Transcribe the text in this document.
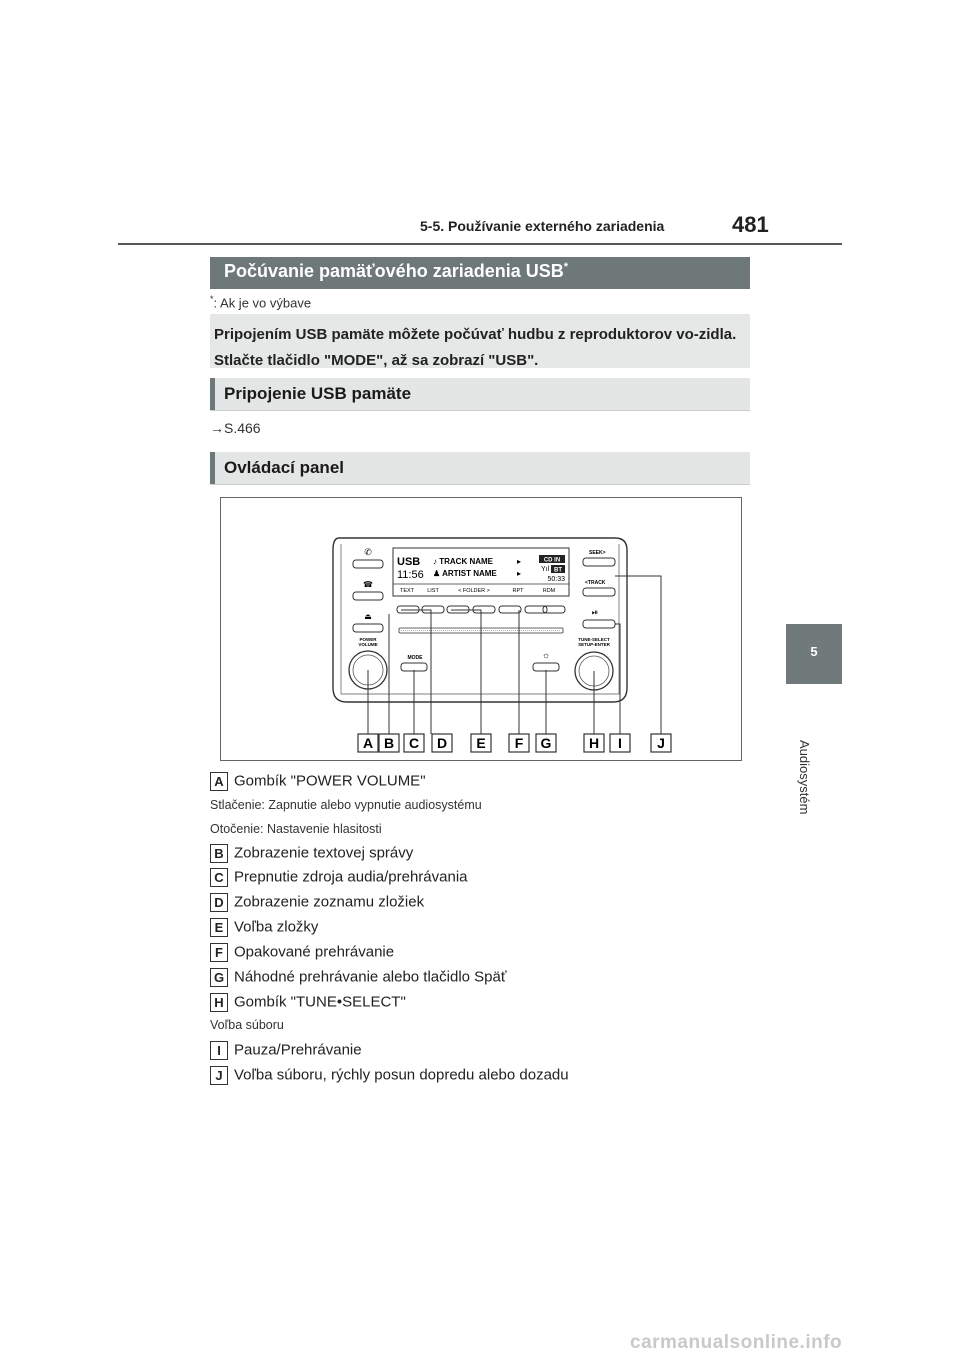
5-5. Používanie externého zariadenia	481
5
Audiosystém
Počúvanie pamäťového zariadenia USB*
*: Ak je vo výbave
Pripojením USB pamäte môžete počúvať hudbu z reproduktorov vo-zidla. Stlačte tlačidlo "MODE", až sa zobrazí "USB".
Pripojenie USB pamäte
→S.466
Ovládací panel
✆
☎
⏏
POWER
VOLUME
USB
11:56
♪ TRACK NAME
♟ ARTIST NAME
▸
▸
CD IN
BT
Yıl
50:33
TEXT LIST	< FOLDER >	RPT	RDM
MODE	☼
SEEK>
<TRACK
⏯
TUNE-SELECT
SETUP-ENTER
A B C D E F G	H I	J
A Gombík "POWER VOLUME"
Stlačenie: Zapnutie alebo vypnutie audiosystému
Otočenie: Nastavenie hlasitosti
B Zobrazenie textovej správy
C Prepnutie zdroja audia/prehrávania
D Zobrazenie zoznamu zložiek
E Voľba zložky
F Opakované prehrávanie
G Náhodné prehrávanie alebo tlačidlo Späť
H Gombík "TUNE•SELECT"
Voľba súboru
I Pauza/Prehrávanie
J Voľba súboru, rýchly posun dopredu alebo dozadu
carmanualsonline.info
